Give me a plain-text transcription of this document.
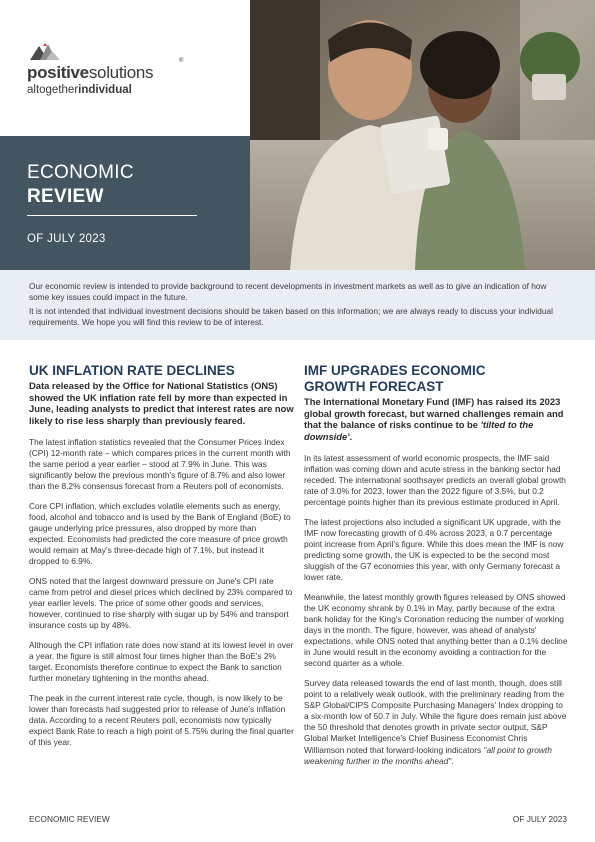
positivesolutions
®
altogetherindividual
ECONOMIC
REVIEW
OF JULY 2023

Our economic review is intended to provide background to recent developments in investment markets as well as to give an indication of how some key issues could impact in the future.

It is not intended that individual investment decisions should be taken based on this information; we are always ready to discuss your individual requirements. We hope you will find this review to be of interest.

UK INFLATION RATE DECLINES

Data released by the Office for National Statistics (ONS) showed the UK inflation rate fell by more than expected in June, leading analysts to predict that interest rates are now likely to rise less sharply than previously feared.

The latest inflation statistics revealed that the Consumer Prices Index (CPI) 12-month rate – which compares prices in the current month with the same period a year earlier – stood at 7.9% in June. This was significantly below the previous month's figure of 8.7% and also lower than the 8.2% consensus forecast from a Reuters poll of economists.

Core CPI inflation, which excludes volatile elements such as energy, food, alcohol and tobacco and is used by the Bank of England (BoE) to gauge underlying price pressures, also dropped by more than expected. Economists had predicted the core measure of price growth would remain at May's three-decade high of 7.1%, but instead it dropped to 6.9%.

ONS noted that the largest downward pressure on June's CPI rate came from petrol and diesel prices which declined by 23% compared to year earlier levels. The price of some other goods and services, however, continued to rise sharply with sugar up by 54% and transport insurance costs up by 48%.

Although the CPI inflation rate does now stand at its lowest level in over a year, the figure is still almost four times higher than the BoE's 2% target. Economists therefore continue to expect the Bank to sanction further monetary tightening in the months ahead.

The peak in the current interest rate cycle, though, is now likely to be lower than forecasts had suggested prior to release of June's inflation data. According to a recent Reuters poll, economists now typically expect Bank Rate to reach a high point of 5.75% during the final quarter of this year.

IMF UPGRADES ECONOMIC
GROWTH FORECAST

The International Monetary Fund (IMF) has raised its 2023 global growth forecast, but warned challenges remain and that the balance of risks continue to be 'tilted to the downside'.

In its latest assessment of world economic prospects, the IMF said inflation was coming down and acute stress in the banking sector had receded. The international soothsayer predicts an overall global growth rate of 3.0% for 2023, lower than the 2022 figure of 3.5%, but 0.2 percentage points higher than its previous estimate produced in April.

The latest projections also included a significant UK upgrade, with the IMF now forecasting growth of 0.4% across 2023, a 0.7 percentage point increase from April's figure. While this does mean the IMF is now predicting some growth, the UK is expected to be the second most sluggish of the G7 economies this year, with only Germany forecast a lower rate.

Meanwhile, the latest monthly growth figures released by ONS showed the UK economy shrank by 0.1% in May, partly because of the extra bank holiday for the King's Coronation reducing the number of working days in the month. The figure, however, was ahead of analysts' expectations, while ONS noted that anything better than a 0.1% decline in June would result in the economy avoiding a contraction for the second quarter as a whole.

Survey data released towards the end of last month, though, does still point to a relatively weak outlook, with the preliminary reading from the S&P Global/CIPS Composite Purchasing Managers' Index dropping to a six-month low of 50.7 in July. While the figure does remain just above the 50 threshold that denotes growth in private sector output, S&P Global Market Intelligence's Chief Business Economist Chris Williamson noted that forward-looking indicators "all point to growth weakening further in the months ahead".

ECONOMIC REVIEW	OF JULY 2023
